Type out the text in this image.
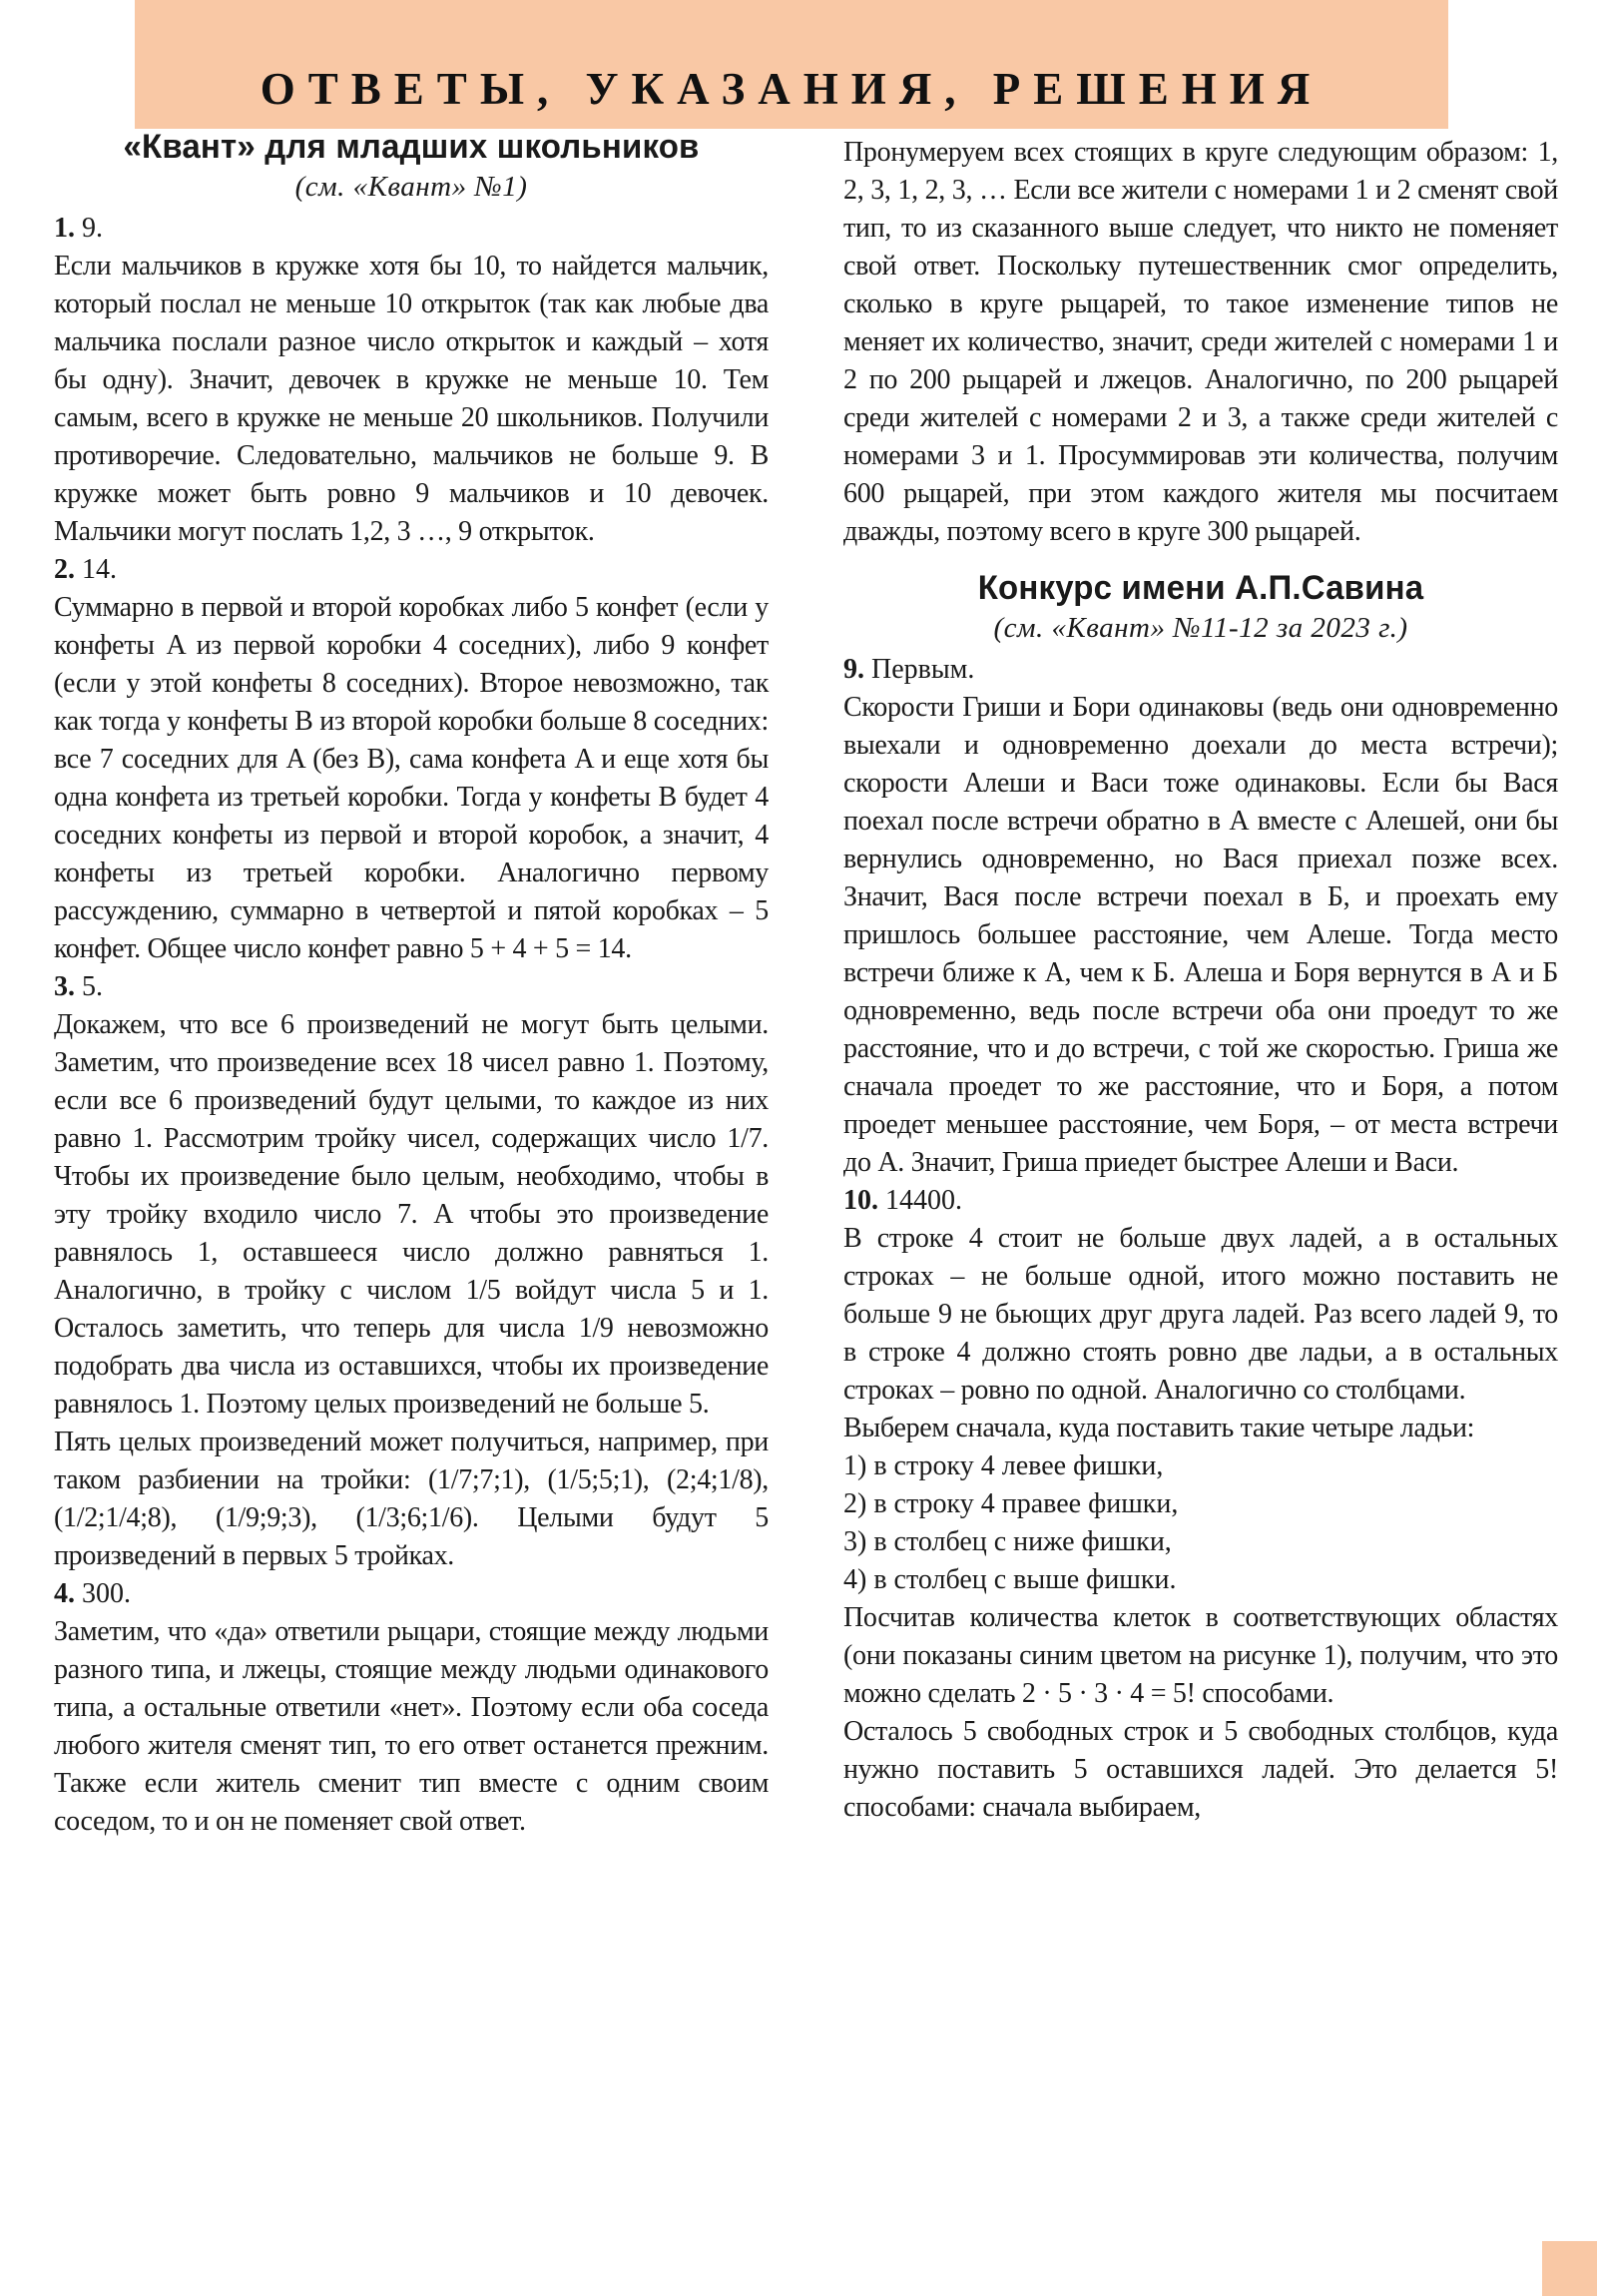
ОТВЕТЫ, УКАЗАНИЯ, РЕШЕНИЯ
«Квант» для младших школьников
(см. «Квант» №1)
1. 9.

Если мальчиков в кружке хотя бы 10, то найдется мальчик, который послал не меньше 10 открыток (так как любые два мальчика послали разное число открыток и каждый – хотя бы одну). Значит, девочек в кружке не меньше 10. Тем самым, всего в кружке не меньше 20 школьников. Получили противоречие. Следовательно, мальчиков не больше 9. В кружке может быть ровно 9 мальчиков и 10 девочек. Мальчики могут послать 1,2, 3 …, 9 открыток.

2. 14.

Суммарно в первой и второй коробках либо 5 конфет (если у конфеты A из первой коробки 4 соседних), либо 9 конфет (если у этой конфеты 8 соседних). Второе невозможно, так как тогда у конфеты B из второй коробки больше 8 соседних: все 7 соседних для A (без B), сама конфета A и еще хотя бы одна конфета из третьей коробки. Тогда у конфеты B будет 4 соседних конфеты из первой и второй коробок, а значит, 4 конфеты из третьей коробки. Аналогично первому рассуждению, суммарно в четвертой и пятой коробках – 5 конфет. Общее число конфет равно 5 + 4 + 5 = 14.

3. 5.

Докажем, что все 6 произведений не могут быть целыми. Заметим, что произведение всех 18 чисел равно 1. Поэтому, если все 6 произведений будут целыми, то каждое из них равно 1. Рассмотрим тройку чисел, содержащих число 1/7. Чтобы их произведение было целым, необходимо, чтобы в эту тройку входило число 7. А чтобы это произведение равнялось 1, оставшееся число должно равняться 1. Аналогично, в тройку с числом 1/5 войдут числа 5 и 1. Осталось заметить, что теперь для числа 1/9 невозможно подобрать два числа из оставшихся, чтобы их произведение равнялось 1. Поэтому целых произведений не больше 5.

Пять целых произведений может получиться, например, при таком разбиении на тройки: (1/7;7;1), (1/5;5;1), (2;4;1/8), (1/2;1/4;8), (1/9;9;3), (1/3;6;1/6). Целыми будут 5 произведений в первых 5 тройках.

4. 300.

Заметим, что «да» ответили рыцари, стоящие между людьми разного типа, и лжецы, стоящие между людьми одинакового типа, а остальные ответили «нет». Поэтому если оба соседа любого жителя сменят тип, то его ответ останется прежним. Также если житель сменит тип вместе с одним своим соседом, то и он не поменяет свой ответ.

Пронумеруем всех стоящих в круге следующим образом: 1, 2, 3, 1, 2, 3, … Если все жители с номерами 1 и 2 сменят свой тип, то из сказанного выше следует, что никто не поменяет свой ответ. Поскольку путешественник смог определить, сколько в круге рыцарей, то такое изменение типов не меняет их количество, значит, среди жителей с номерами 1 и 2 по 200 рыцарей и лжецов. Аналогично, по 200 рыцарей среди жителей с номерами 2 и 3, а также среди жителей с номерами 3 и 1. Просуммировав эти количества, получим 600 рыцарей, при этом каждого жителя мы посчитаем дважды, поэтому всего в круге 300 рыцарей.

Конкурс имени А.П.Савина
(см. «Квант» №11-12 за 2023 г.)
9. Первым.

Скорости Гриши и Бори одинаковы (ведь они одновременно выехали и одновременно доехали до места встречи); скорости Алеши и Васи тоже одинаковы. Если бы Вася поехал после встречи обратно в А вместе с Алешей, они бы вернулись одновременно, но Вася приехал позже всех. Значит, Вася после встречи поехал в Б, и проехать ему пришлось большее расстояние, чем Алеше. Тогда место встречи ближе к А, чем к Б. Алеша и Боря вернутся в А и Б одновременно, ведь после встречи оба они проедут то же расстояние, что и до встречи, с той же скоростью. Гриша же сначала проедет то же расстояние, что и Боря, а потом проедет меньшее расстояние, чем Боря, – от места встречи до А. Значит, Гриша приедет быстрее Алеши и Васи.

10. 14400.

В строке 4 стоит не больше двух ладей, а в остальных строках – не больше одной, итого можно поставить не больше 9 не бьющих друг друга ладей. Раз всего ладей 9, то в строке 4 должно стоять ровно две ладьи, а в остальных строках – ровно по одной. Аналогично со столбцами.

Выберем сначала, куда поставить такие четыре ладьи:

1) в строку 4 левее фишки,
2) в строку 4 правее фишки,
3) в столбец с ниже фишки,
4) в столбец с выше фишки.

Посчитав количества клеток в соответствующих областях (они показаны синим цветом на рисунке 1), получим, что это можно сделать 2 · 5 · 3 · 4 = 5! способами.

Осталось 5 свободных строк и 5 свободных столбцов, куда нужно поставить 5 оставшихся ладей. Это делается 5! способами: сначала выбираем,
